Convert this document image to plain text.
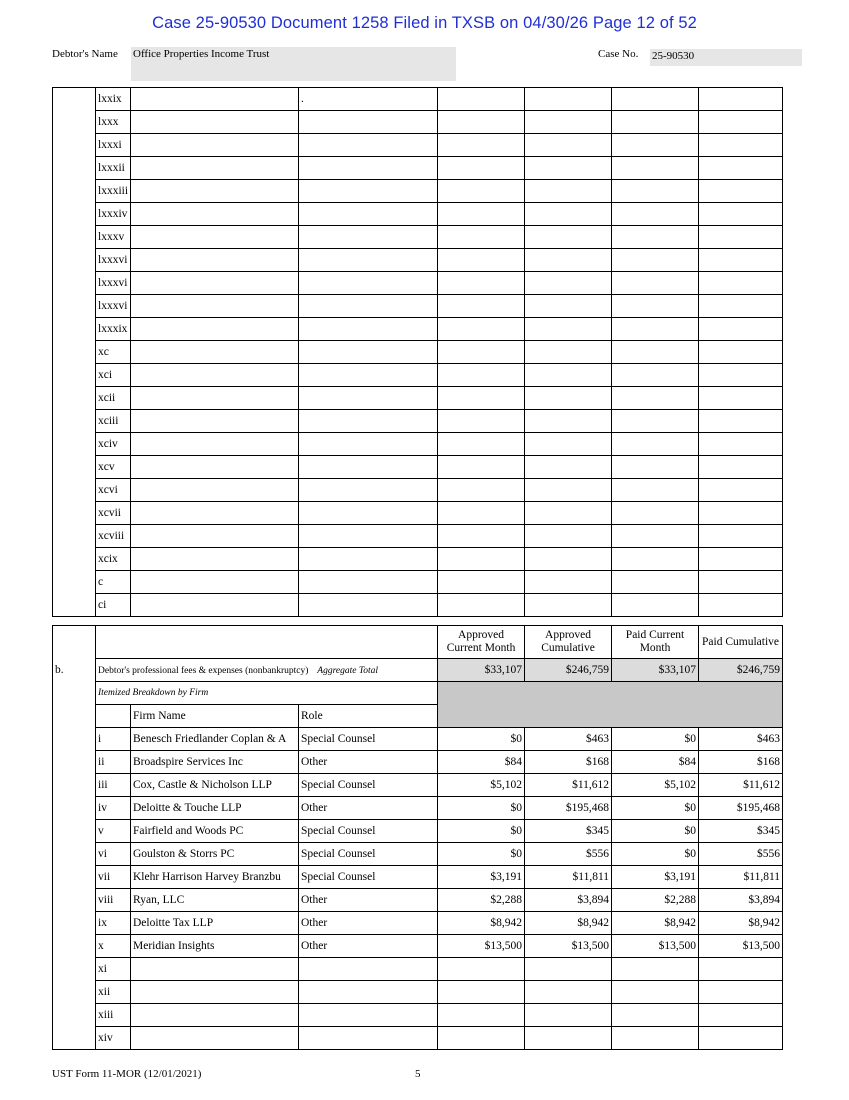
Case 25-90530 Document 1258 Filed in TXSB on 04/30/26 Page 12 of 52
Debtor's Name Office Properties Income Trust	Case No. 25-90530
	lxxix		.				
	lxxx						
	lxxxi						
	lxxxii						
	lxxxiii						
	lxxxiv						
	lxxxv						
	lxxxvi						
	lxxxvi						
	lxxxvi						
	lxxxix						
	xc						
	xci						
	xcii						
	xciii						
	xciv						
	xcv						
	xcvi						
	xcvii						
	xcviii						
	xcix						
	c						
	ci						
				Approved Current Month	Approved Cumulative	Paid Current Month	Paid Cumulative
b.	Debtor's professional fees & expenses (nonbankruptcy) Aggregate Total			$33,107	$246,759	$33,107	$246,759
	Itemized Breakdown by Firm						
		Firm Name	Role				
	i	Benesch Friedlander Coplan & A	Special Counsel	$0	$463	$0	$463
	ii	Broadspire Services Inc	Other	$84	$168	$84	$168
	iii	Cox, Castle & Nicholson LLP	Special Counsel	$5,102	$11,612	$5,102	$11,612
	iv	Deloitte & Touche LLP	Other	$0	$195,468	$0	$195,468
	v	Fairfield and Woods PC	Special Counsel	$0	$345	$0	$345
	vi	Goulston & Storrs PC	Special Counsel	$0	$556	$0	$556
	vii	Klehr Harrison Harvey Branzbu	Special Counsel	$3,191	$11,811	$3,191	$11,811
	viii	Ryan, LLC	Other	$2,288	$3,894	$2,288	$3,894
	ix	Deloitte Tax LLP	Other	$8,942	$8,942	$8,942	$8,942
	x	Meridian Insights	Other	$13,500	$13,500	$13,500	$13,500
	xi						
	xii						
	xiii						
	xiv						
UST Form 11-MOR (12/01/2021)	5
